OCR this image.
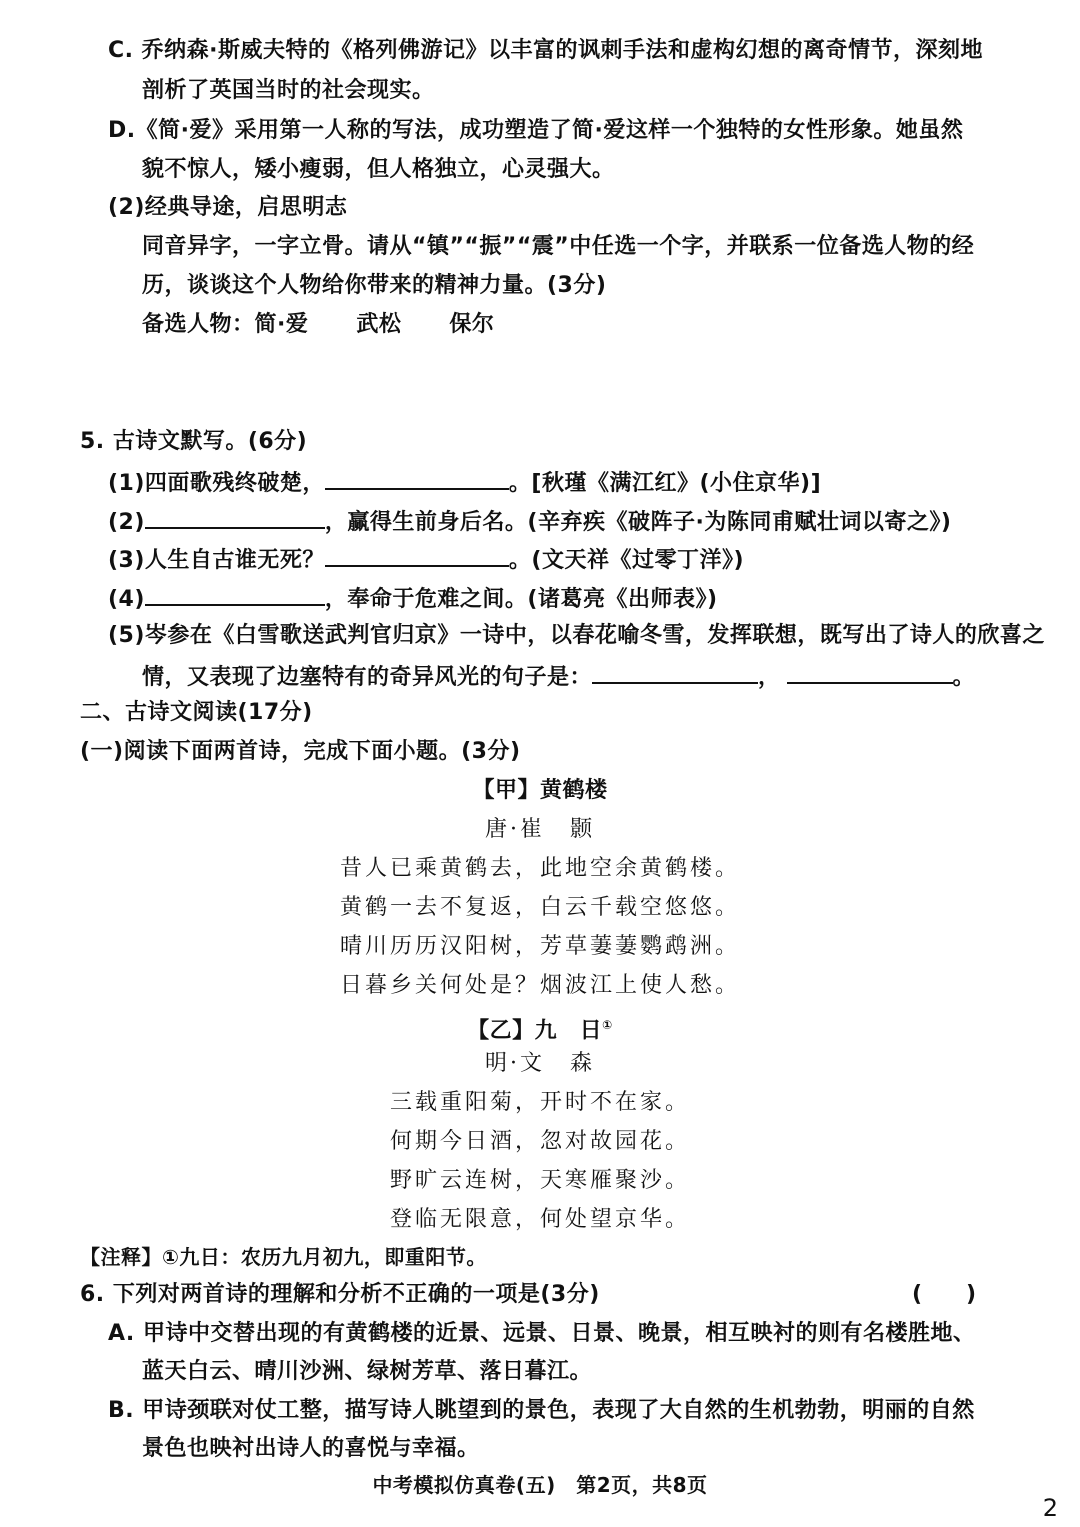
C. 乔纳森·斯威夫特的《格列佛游记》以丰富的讽刺手法和虚构幻想的离奇情节，深刻地
剖析了英国当时的社会现实。
D.《简·爱》采用第一人称的写法，成功塑造了简·爱这样一个独特的女性形象。她虽然
貌不惊人，矮小瘦弱，但人格独立，心灵强大。
(2)经典导途，启思明志
同音异字，一字立骨。请从“镇”“振”“震”中任选一个字，并联系一位备选人物的经
历，谈谈这个人物给你带来的精神力量。(3分)
备选人物：简·爱 武松 保尔
5. 古诗文默写。(6分)
(1)四面歌残终破楚，	。[秋瑾《满江红》(小住京华)]
(2)	，赢得生前身后名。(辛弃疾《破阵子·为陈同甫赋壮词以寄之》)
(3)人生自古谁无死？	。(文天祥《过零丁洋》)
(4)	，奉命于危难之间。(诸葛亮《出师表》)
(5)岑参在《白雪歌送武判官归京》一诗中，以春花喻冬雪，发挥联想，既写出了诗人的欣喜之
情，又表现了边塞特有的奇异风光的句子是：	，	。
二、古诗文阅读(17分)
(一)阅读下面两首诗，完成下面小题。(3分)
【甲】黄鹤楼
唐·崔　颢
昔人已乘黄鹤去，此地空余黄鹤楼。
黄鹤一去不复返，白云千载空悠悠。
晴川历历汉阳树，芳草萋萋鹦鹉洲。
日暮乡关何处是？烟波江上使人愁。
【乙】九　日①
明·文　森
三载重阳菊，开时不在家。
何期今日酒，忽对故园花。
野旷云连树，天寒雁聚沙。
登临无限意，何处望京华。
【注释】①九日：农历九月初九，即重阳节。
6. 下列对两首诗的理解和分析不正确的一项是(3分)	(　　)
A. 甲诗中交替出现的有黄鹤楼的近景、远景、日景、晚景，相互映衬的则有名楼胜地、
蓝天白云、晴川沙洲、绿树芳草、落日暮江。
B. 甲诗颈联对仗工整，描写诗人眺望到的景色，表现了大自然的生机勃勃，明丽的自然
景色也映衬出诗人的喜悦与幸福。
中考模拟仿真卷(五)　第2页，共8页
2
